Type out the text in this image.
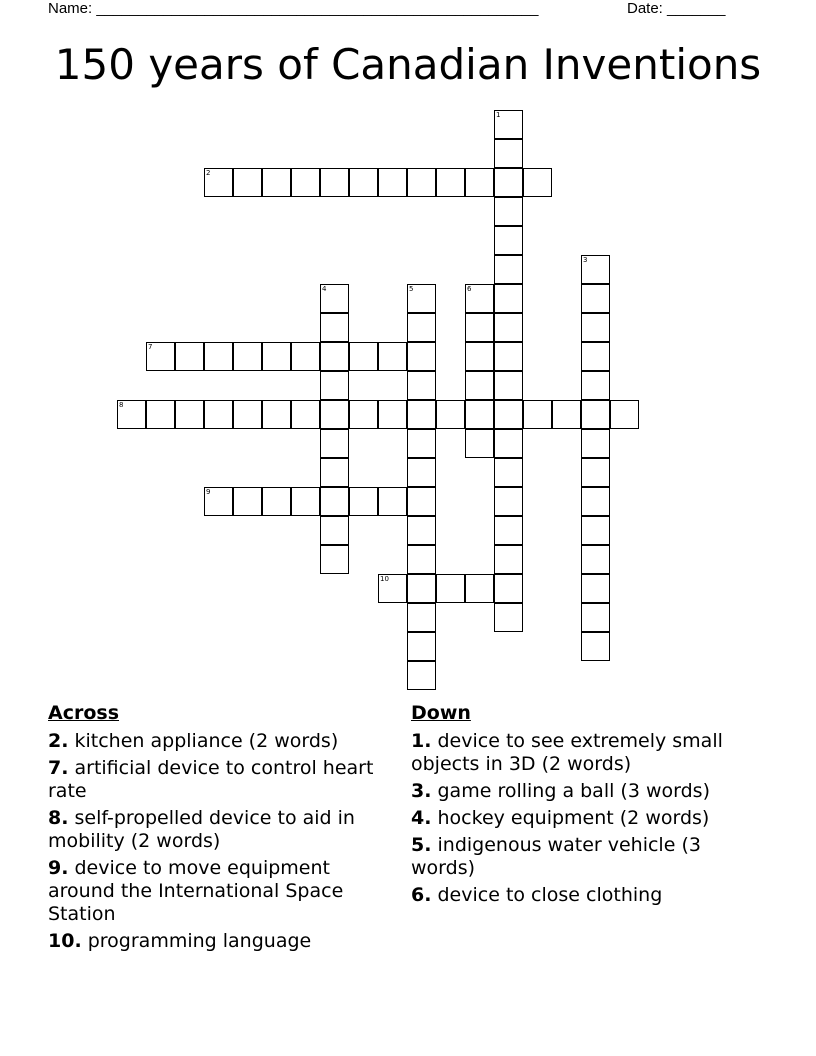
Name: _____________________________________________________	Date: _______
150 years of Canadian Inventions
1
2
3
4	5	6
7
8
9
10
Across
2. kitchen appliance (2 words)
7. artificial device to control heart rate
8. self-propelled device to aid in mobility (2 words)
9. device to move equipment around the International Space Station
10. programming language
Down
1. device to see extremely small objects in 3D (2 words)
3. game rolling a ball (3 words)
4. hockey equipment (2 words)
5. indigenous water vehicle (3 words)
6. device to close clothing
